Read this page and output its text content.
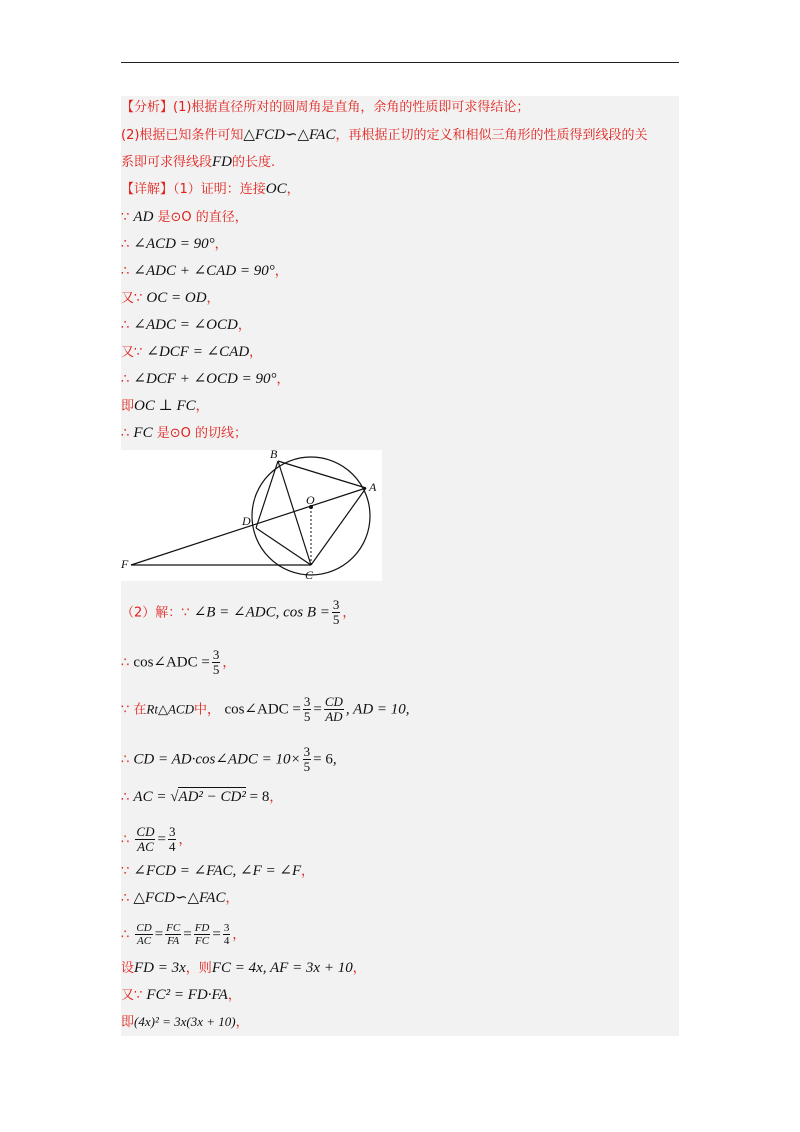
【分析】(1)根据直径所对的圆周角是直角，余角的性质即可求得结论；
(2)根据已知条件可知△FCD∽△FAC，再根据正切的定义和相似三角形的性质得到线段的关
系即可求得线段FD的长度.
【详解】（1）证明：连接OC，
∵ AD 是⊙O 的直径，
∴ ∠ACD = 90°，
∴ ∠ADC + ∠CAD = 90°，
又∵ OC = OD，
∴ ∠ADC = ∠OCD，
又∵ ∠DCF = ∠CAD，
∴ ∠DCF + ∠OCD = 90°，
即OC ⊥ FC，
∴ FC 是⊙O 的切线；
B
A
O
D
F
C
（2）解：∵ ∠B = ∠ADC, $\cos B = \frac{3}{5}$ ，
∴ cos∠ADC = $\frac{3}{5}$ ，
∵ 在Rt△ACD中， cos∠ADC = $\frac{3}{5} = \frac{CD}{AD}$ , AD = 10,
∴ CD = AD·cos∠ADC = $10\times \frac{3}{5} = 6$,
∴ AC = √AD² − CD² = 8，
∴ $\frac{CD}{AC} = \frac{3}{4}$ ，
∵ ∠FCD = ∠FAC, ∠F = ∠F，
∴ △FCD∽△FAC，
∴ $\frac{CD}{AC} = \frac{FC}{FA} = \frac{FD}{FC} = \frac{3}{4}$ ，
设FD = 3x，则FC = 4x, AF = 3x + 10，
又∵ FC² = FD·FA，
即(4x)² = 3x(3x + 10)，
